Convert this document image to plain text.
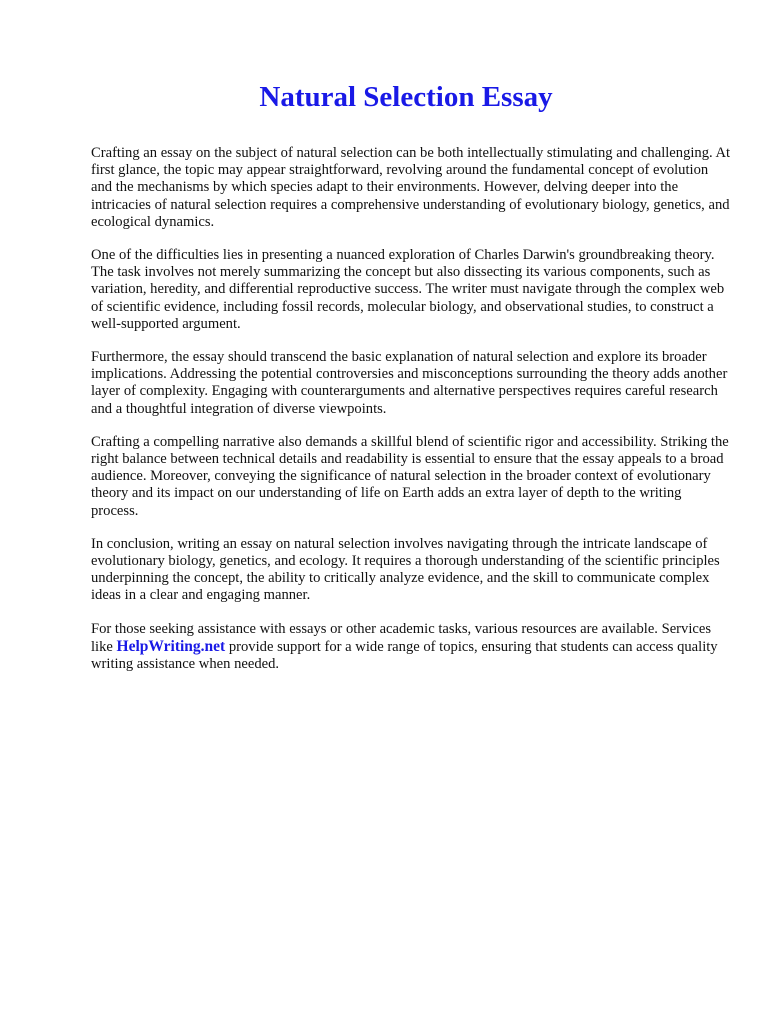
Natural Selection Essay

Crafting an essay on the subject of natural selection can be both intellectually stimulating and challenging. At first glance, the topic may appear straightforward, revolving around the fundamental concept of evolution and the mechanisms by which species adapt to their environments. However, delving deeper into the intricacies of natural selection requires a comprehensive understanding of evolutionary biology, genetics, and ecological dynamics.

One of the difficulties lies in presenting a nuanced exploration of Charles Darwin's groundbreaking theory. The task involves not merely summarizing the concept but also dissecting its various components, such as variation, heredity, and differential reproductive success. The writer must navigate through the complex web of scientific evidence, including fossil records, molecular biology, and observational studies, to construct a well-supported argument.

Furthermore, the essay should transcend the basic explanation of natural selection and explore its broader implications. Addressing the potential controversies and misconceptions surrounding the theory adds another layer of complexity. Engaging with counterarguments and alternative perspectives requires careful research and a thoughtful integration of diverse viewpoints.

Crafting a compelling narrative also demands a skillful blend of scientific rigor and accessibility. Striking the right balance between technical details and readability is essential to ensure that the essay appeals to a broad audience. Moreover, conveying the significance of natural selection in the broader context of evolutionary theory and its impact on our understanding of life on Earth adds an extra layer of depth to the writing process.

In conclusion, writing an essay on natural selection involves navigating through the intricate landscape of evolutionary biology, genetics, and ecology. It requires a thorough understanding of the scientific principles underpinning the concept, the ability to critically analyze evidence, and the skill to communicate complex ideas in a clear and engaging manner.

For those seeking assistance with essays or other academic tasks, various resources are available. Services like HelpWriting.net provide support for a wide range of topics, ensuring that students can access quality writing assistance when needed.
